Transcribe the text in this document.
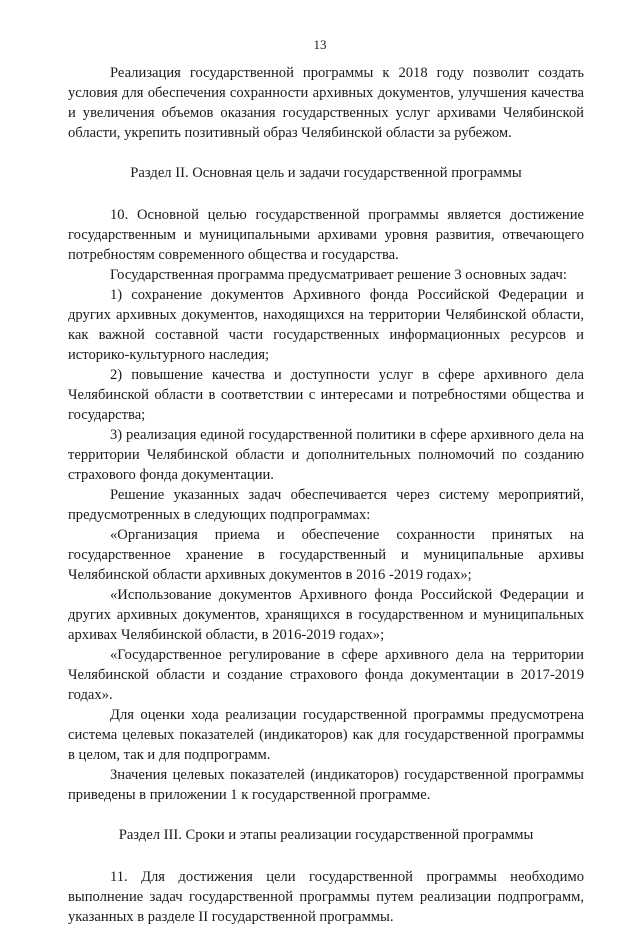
13

Реализация государственной программы к 2018 году позволит создать условия для обеспечения сохранности архивных документов, улучшения качества и увеличения объемов оказания государственных услуг архивами Челябинской области, укрепить позитивный образ Челябинской области за рубежом.

Раздел II. Основная цель и задачи государственной программы

10. Основной целью государственной программы является достижение государственным и муниципальными архивами уровня развития, отвечающего потребностям современного общества и государства.

Государственная программа предусматривает решение 3 основных задач:

1) сохранение документов Архивного фонда Российской Федерации и других архивных документов, находящихся на территории Челябинской области, как важной составной части государственных информационных ресурсов и историко-культурного наследия;

2) повышение качества и доступности услуг в сфере архивного дела Челябинской области в соответствии с интересами и потребностями общества и государства;

3) реализация единой государственной политики в сфере архивного дела на территории Челябинской области и дополнительных полномочий по созданию страхового фонда документации.

Решение указанных задач обеспечивается через систему мероприятий, предусмотренных в следующих подпрограммах:

«Организация приема и обеспечение сохранности принятых на государственное хранение в государственный и муниципальные архивы Челябинской области архивных документов в 2016 -2019 годах»;

«Использование документов Архивного фонда Российской Федерации и других архивных документов, хранящихся в государственном и муниципальных архивах Челябинской области, в 2016-2019 годах»;

«Государственное регулирование в сфере архивного дела на территории Челябинской области и создание страхового фонда документации в 2017-2019 годах».

Для оценки хода реализации государственной программы предусмотрена система целевых показателей (индикаторов) как для государственной программы в целом, так и для подпрограмм.

Значения целевых показателей (индикаторов) государственной программы приведены в приложении 1 к государственной программе.

Раздел III. Сроки и этапы реализации государственной программы

11. Для достижения цели государственной программы необходимо выполнение задач государственной программы путем реализации подпрограмм, указанных в разделе II государственной программы.
